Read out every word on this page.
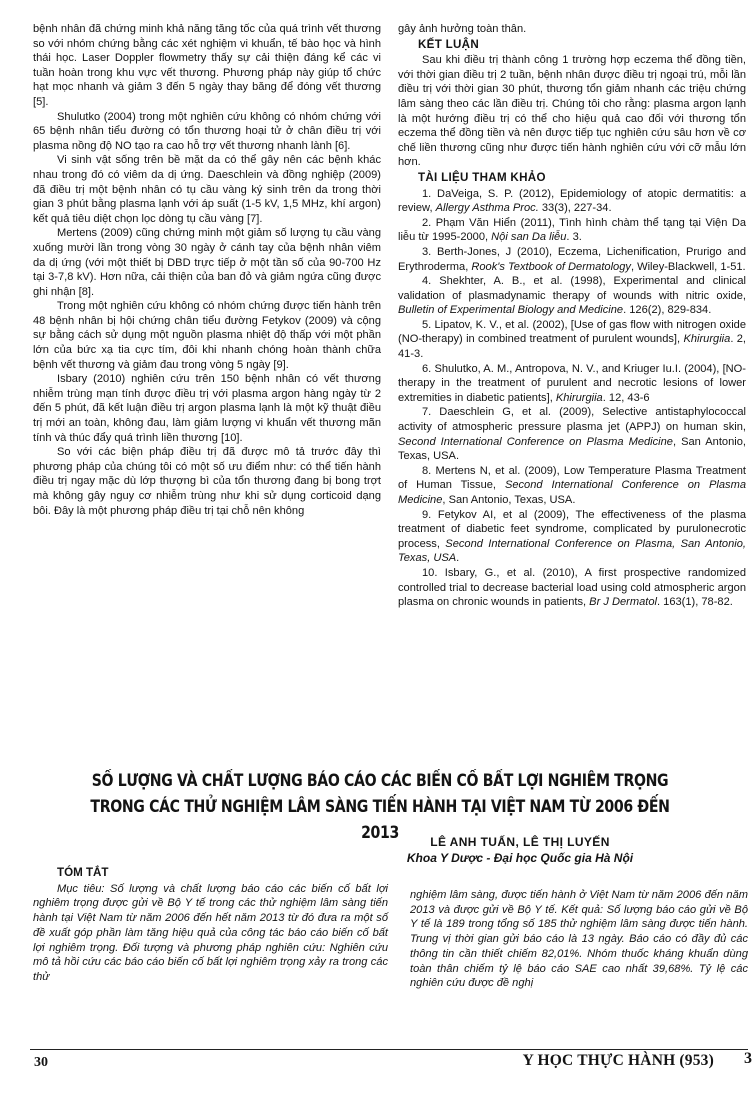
bệnh nhân đã chứng minh khả năng tăng tốc của quá trình vết thương so với nhóm chứng bằng các xét nghiệm vi khuẩn, tế bào học và hình thái học. Laser Doppler flowmetry thấy sự cải thiện đáng kể các vi tuần hoàn trong khu vực vết thương. Phương pháp này giúp tổ chức hạt mọc nhanh và giảm 3 đến 5 ngày thay băng để đóng vết thương [5].

Shulutko (2004) trong một nghiên cứu không có nhóm chứng với 65 bệnh nhân tiểu đường có tổn thương hoại tử ở chân điều trị với plasma nồng độ NO tạo ra cao hỗ trợ vết thương nhanh lành [6].

Vi sinh vật sống trên bề mặt da có thể gây nên các bệnh khác nhau trong đó có viêm da dị ứng. Daeschlein và đồng nghiệp (2009) đã điều trị một bệnh nhân có tụ cầu vàng ký sinh trên da trong thời gian 3 phút bằng plasma lạnh với áp suất (1-5 kV, 1,5 MHz, khí argon) kết quả tiêu diệt chọn lọc dòng tụ cầu vàng [7].

Mertens (2009) cũng chứng minh một giảm số lượng tụ cầu vàng xuống mười lần trong vòng 30 ngày ở cánh tay của bệnh nhân viêm da dị ứng (với một thiết bị DBD trực tiếp ở một tần số của 90-700 Hz tại 3-7,8 kV). Hơn nữa, cải thiện của ban đỏ và giảm ngứa cũng được ghi nhận [8].

Trong một nghiên cứu không có nhóm chứng được tiến hành trên 48 bệnh nhân bị hội chứng chân tiểu đường Fetykov (2009) và cộng sự bằng cách sử dụng một nguồn plasma nhiệt độ thấp với một phần lớn của bức xạ tia cực tím, đôi khi nhanh chóng hoàn thành chữa bệnh vết thương và giảm đau trong vòng 5 ngày [9].

Isbary (2010) nghiên cứu trên 150 bệnh nhân có vết thương nhiễm trùng mạn tính được điều trị với plasma argon hàng ngày từ 2 đến 5 phút, đã kết luận điều trị argon plasma lạnh là một kỹ thuật điều trị mới an toàn, không đau, làm giảm lượng vi khuẩn vết thương mãn tính và thúc đẩy quá trình liền thương [10].

So với các biện pháp điều trị đã được mô tả trước đây thì phương pháp của chúng tôi có một số ưu điểm như: có thể tiến hành điều trị ngay mặc dù lớp thượng bì của tổn thương đang bị bong trợt mà không gây nguy cơ nhiễm trùng như khi sử dụng corticoid dạng bôi. Đây là một phương pháp điều trị tại chỗ nên không

gây ảnh hưởng toàn thân.

KẾT LUẬN

Sau khi điều trị thành công 1 trường hợp eczema thể đồng tiền, với thời gian điều trị 2 tuần, bệnh nhân được điều trị ngoại trú, mỗi lần điều trị với thời gian 30 phút, thương tổn giảm nhanh các triệu chứng lâm sàng theo các lần điều trị. Chúng tôi cho rằng: plasma argon lạnh là một hướng điều trị có thể cho hiệu quả cao đối với thương tổn eczema thể đồng tiền và nên được tiếp tục nghiên cứu sâu hơn về cơ chế liền thương cũng như được tiến hành nghiên cứu với cỡ mẫu lớn hơn.

TÀI LIỆU THAM KHẢO
1. DaVeiga, S. P. (2012), Epidemiology of atopic dermatitis: a review, Allergy Asthma Proc. 33(3), 227-34.
2. Phạm Văn Hiển (2011), Tình hình chàm thể tạng tại Viện Da liễu từ 1995-2000, Nội san Da liễu. 3.
3. Berth-Jones, J (2010), Eczema, Lichenification, Prurigo and Erythroderma, Rook's Textbook of Dermatology, Wiley-Blackwell, 1-51.
4. Shekhter, A. B., et al. (1998), Experimental and clinical validation of plasmadynamic therapy of wounds with nitric oxide, Bulletin of Experimental Biology and Medicine. 126(2), 829-834.
5. Lipatov, K. V., et al. (2002), [Use of gas flow with nitrogen oxide (NO-therapy) in combined treatment of purulent wounds], Khirurgiia. 2, 41-3.
6. Shulutko, A. M., Antropova, N. V., and Kriuger Iu.I. (2004), [NO-therapy in the treatment of purulent and necrotic lesions of lower extremities in diabetic patients], Khirurgiia. 12, 43-6
7. Daeschlein G, et al. (2009), Selective antistaphylococcal activity of atmospheric pressure plasma jet (APPJ) on human skin, Second International Conference on Plasma Medicine, San Antonio, Texas, USA.
8. Mertens N, et al. (2009), Low Temperature Plasma Treatment of Human Tissue, Second International Conference on Plasma Medicine, San Antonio, Texas, USA.
9. Fetykov AI, et al (2009), The effectiveness of the plasma treatment of diabetic feet syndrome, complicated by purulonecrotic process, Second International Conference on Plasma, San Antonio, Texas, USA.
10. Isbary, G., et al. (2010), A first prospective randomized controlled trial to decrease bacterial load using cold atmospheric argon plasma on chronic wounds in patients, Br J Dermatol. 163(1), 78-82.
SỐ LƯỢNG VÀ CHẤT LƯỢNG BÁO CÁO CÁC BIẾN CỐ BẤT LỢI NGHIÊM TRỌNG
TRONG CÁC THỬ NGHIỆM LÂM SÀNG TIẾN HÀNH TẠI VIỆT NAM TỪ 2006 ĐẾN 2013	LÊ ANH TUẤN, LÊ THỊ LUYẾN
Khoa Y Dược - Đại học Quốc gia Hà Nội
TÓM TẮT

Mục tiêu: Số lượng và chất lượng báo cáo các biến cố bất lợi nghiêm trọng được gửi về Bộ Y tế trong các thử nghiệm lâm sàng tiến hành tại Việt Nam từ năm 2006 đến hết năm 2013 từ đó đưa ra một số đề xuất góp phần làm tăng hiệu quả của công tác báo cáo biến cố bất lợi nghiêm trọng. Đối tượng và phương pháp nghiên cứu: Nghiên cứu mô tả hồi cứu các báo cáo biến cố bất lợi nghiêm trọng xảy ra trong các thử

nghiệm lâm sàng, được tiến hành ở Việt Nam từ năm 2006 đến năm 2013 và được gửi về Bộ Y tế. Kết quả: Số lượng báo cáo gửi về Bộ Y tế là 189 trong tổng số 185 thử nghiệm lâm sàng được tiến hành. Trung vị thời gian gửi báo cáo là 13 ngày. Báo cáo có đầy đủ các thông tin cần thiết chiếm 82,01%. Nhóm thuốc kháng khuẩn dùng toàn thân chiếm tỷ lệ báo cáo SAE cao nhất 39,68%. Tỷ lệ các nghiên cứu được đề nghị

30	Y HỌC THỰC HÀNH (953) 3
